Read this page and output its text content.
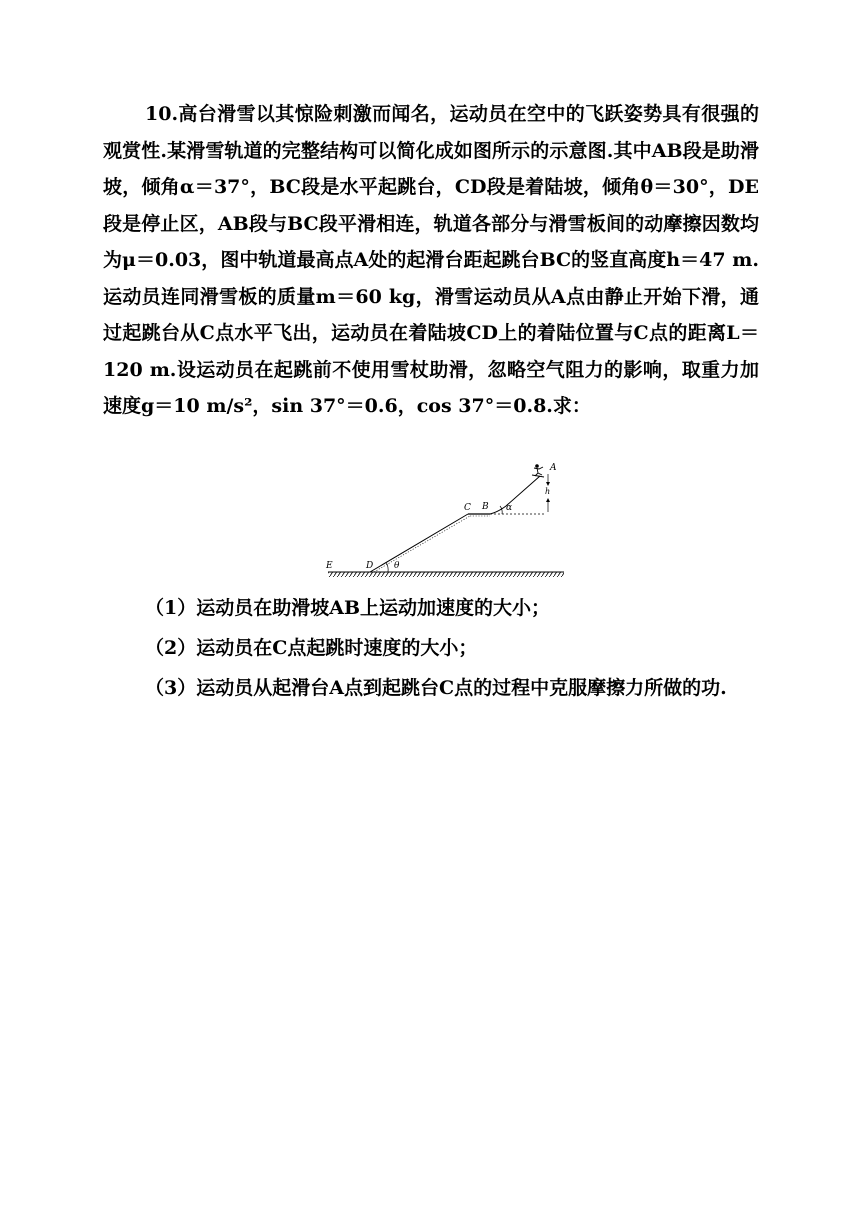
10.高台滑雪以其惊险刺激而闻名，运动员在空中的飞跃姿势具有很强的观赏性.某滑雪轨道的完整结构可以简化成如图所示的示意图.其中AB段是助滑坡，倾角α＝37°，BC段是水平起跳台，CD段是着陆坡，倾角θ＝30°，DE段是停止区，AB段与BC段平滑相连，轨道各部分与滑雪板间的动摩擦因数均为μ＝0.03，图中轨道最高点A处的起滑台距起跳台BC的竖直高度h＝47 m.运动员连同滑雪板的质量m＝60 kg，滑雪运动员从A点由静止开始下滑，通过起跳台从C点水平飞出，运动员在着陆坡CD上的着陆位置与C点的距离L＝120 m.设运动员在起跳前不使用雪杖助滑，忽略空气阻力的影响，取重力加速度g＝10 m/s²，sin 37°＝0.6，cos 37°＝0.8.求：
A
h
C B α
E	D θ

（1）运动员在助滑坡AB上运动加速度的大小；

（2）运动员在C点起跳时速度的大小；

（3）运动员从起滑台A点到起跳台C点的过程中克服摩擦力所做的功.
